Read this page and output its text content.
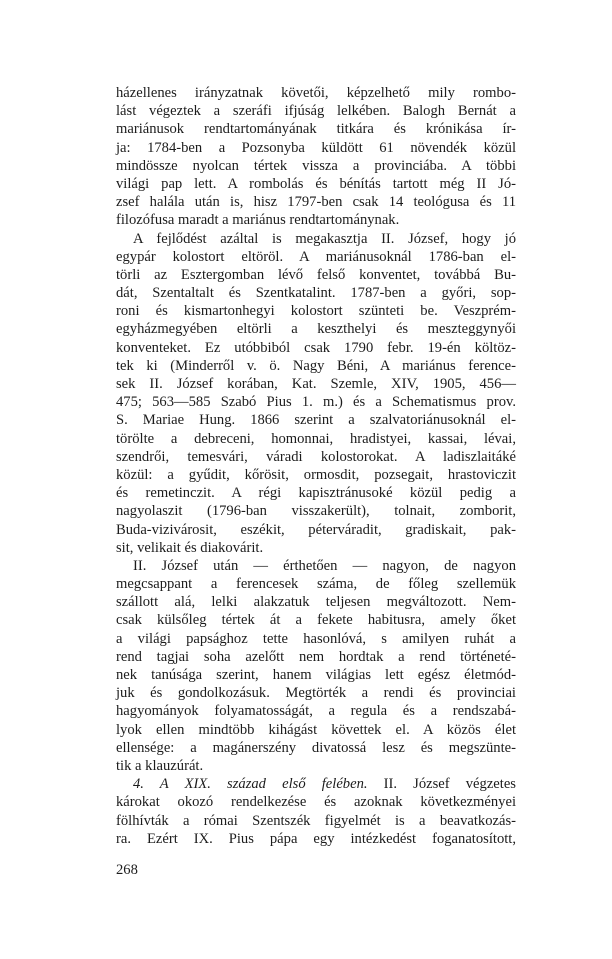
házellenes irányzatnak követői, képzelhető mily rombo-
lást végeztek a szeráfi ifjúság lelkében. Balogh Bernát a
mariánusok rendtartományának titkára és krónikása ír-
ja: 1784-ben a Pozsonyba küldött 61 növendék közül
mindössze nyolcan tértek vissza a provinciába. A többi
világi pap lett. A rombolás és bénítás tartott még II Jó-
zsef halála után is, hisz 1797-ben csak 14 teológusa és 11
filozófusa maradt a mariánus rendtartománynak.
A fejlődést azáltal is megakasztja II. József, hogy jó
egypár kolostort eltöröl. A mariánusoknál 1786-ban el-
törli az Esztergomban lévő felső konventet, továbbá Bu-
dát, Szentaltalt és Szentkatalint. 1787-ben a győri, sop-
roni és kismartonhegyi kolostort szünteti be. Veszprém-
egyházmegyében eltörli a keszthelyi és meszteggynyői
konventeket. Ez utóbbiból csak 1790 febr. 19-én költöz-
tek ki (Minderről v. ö. Nagy Béni, A mariánus ference-
sek II. József korában, Kat. Szemle, XIV, 1905, 456—
475; 563—585 Szabó Pius 1. m.) és a Schematismus prov.
S. Mariae Hung. 1866 szerint a szalvatoriánusoknál el-
törölte a debreceni, homonnai, hradistyei, kassai, lévai,
szendrői, temesvári, váradi kolostorokat. A ladiszlaitáké
közül: a gyűdit, kőrösit, ormosdit, pozsegait, hrastoviczit
és remetinczit. A régi kapisztránusoké közül pedig a
nagyolaszit (1796-ban visszakerült), tolnait, zomborit,
Buda-vizivárosit, eszékit, péterváradit, gradiskait, pak-
sit, velikait és diakovárit.
II. József után — érthetően — nagyon, de nagyon
megcsappant a ferencesek száma, de főleg szellemük
szállott alá, lelki alakzatuk teljesen megváltozott. Nem-
csak külsőleg tértek át a fekete habitusra, amely őket
a világi papsághoz tette hasonlóvá, s amilyen ruhát a
rend tagjai soha azelőtt nem hordtak a rend történeté-
nek tanúsága szerint, hanem világias lett egész életmód-
juk és gondolkozásuk. Megtörték a rendi és provinciai
hagyományok folyamatosságát, a regula és a rendszabá-
lyok ellen mindtöbb kihágást követtek el. A közös élet
ellensége: a magánerszény divatossá lesz és megszünte-
tik a klauzúrát.
4. A XIX. század első felében. II. József végzetes
károkat okozó rendelkezése és azoknak következményei
fölhívták a római Szentszék figyelmét is a beavatkozás-
ra. Ezért IX. Pius pápa egy intézkedést foganatosított,
268
